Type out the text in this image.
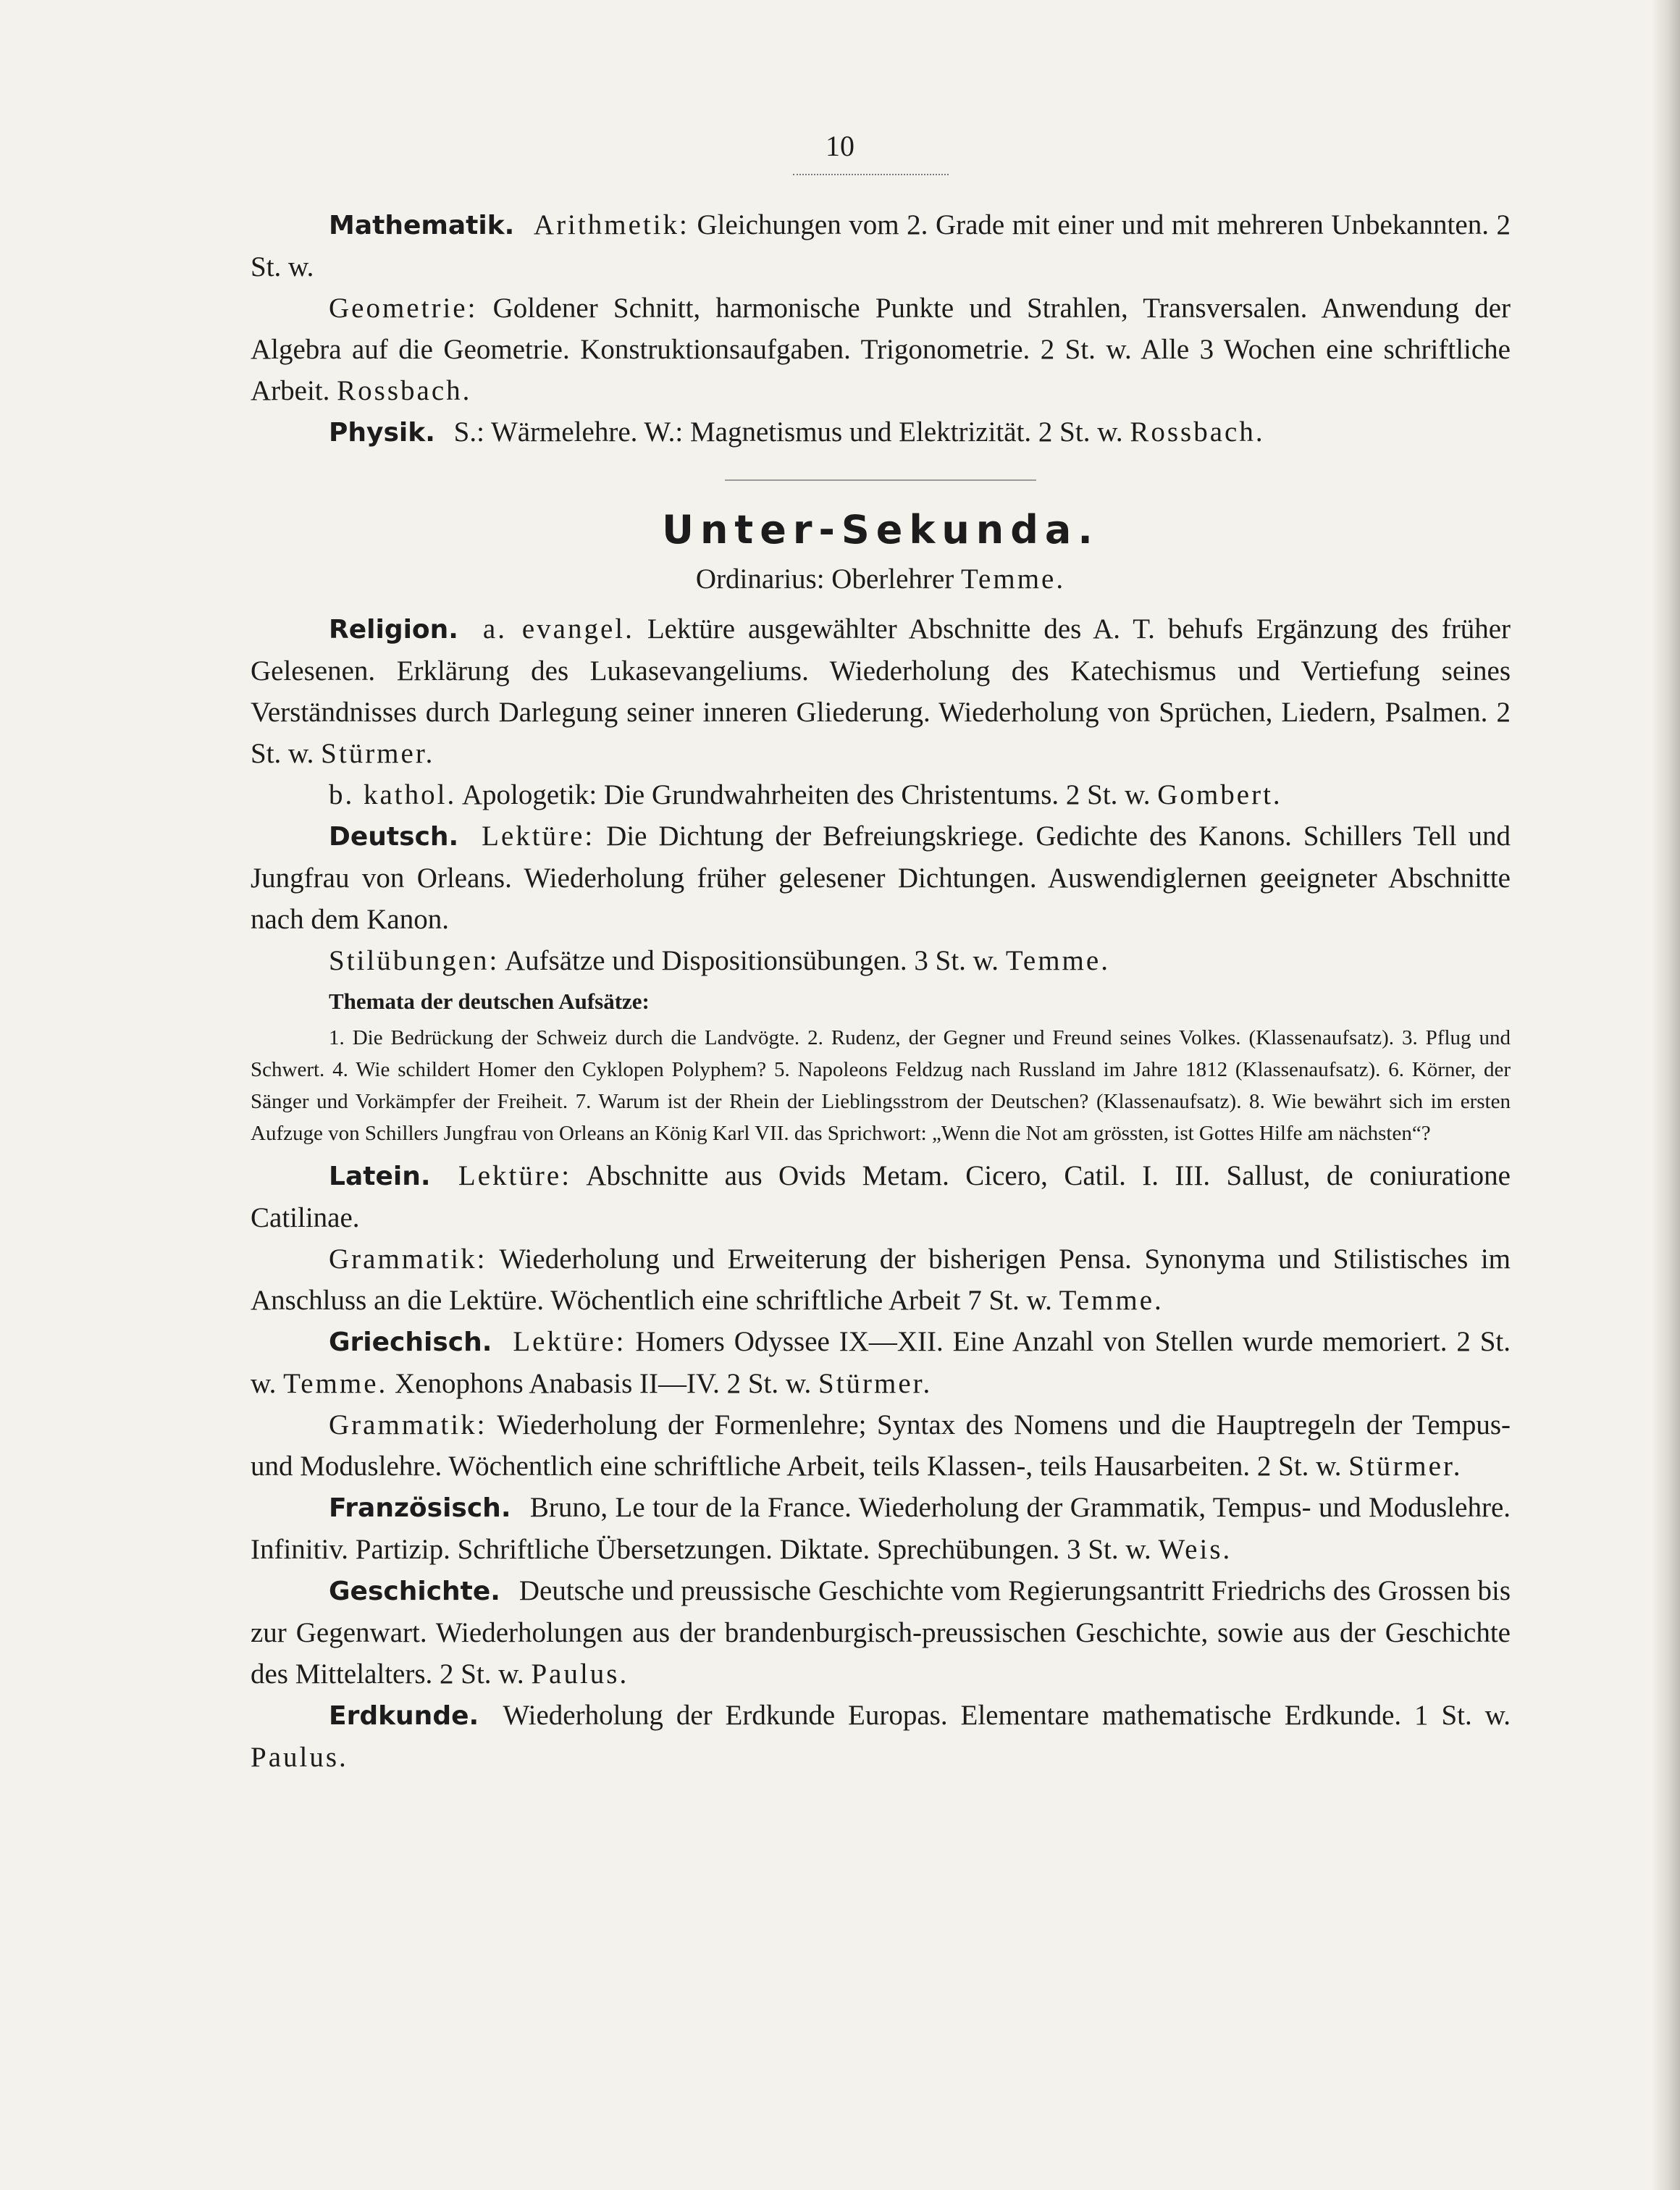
10

Mathematik. Arithmetik: Gleichungen vom 2. Grade mit einer und mit mehreren Unbekannten. 2 St. w.

Geometrie: Goldener Schnitt, harmonische Punkte und Strahlen, Transversalen. Anwendung der Algebra auf die Geometrie. Konstruktionsaufgaben. Trigonometrie. 2 St. w. Alle 3 Wochen eine schriftliche Arbeit. Rossbach.

Physik. S.: Wärmelehre. W.: Magnetismus und Elektrizität. 2 St. w. Rossbach.

Unter-Sekunda.

Ordinarius: Oberlehrer Temme.

Religion. a. evangel. Lektüre ausgewählter Abschnitte des A. T. behufs Ergänzung des früher Gelesenen. Erklärung des Lukasevangeliums. Wiederholung des Katechismus und Vertiefung seines Verständnisses durch Darlegung seiner inneren Gliederung. Wiederholung von Sprüchen, Liedern, Psalmen. 2 St. w. Stürmer.

b. kathol. Apologetik: Die Grundwahrheiten des Christentums. 2 St. w. Gombert.

Deutsch. Lektüre: Die Dichtung der Befreiungskriege. Gedichte des Kanons. Schillers Tell und Jungfrau von Orleans. Wiederholung früher gelesener Dichtungen. Auswendiglernen geeigneter Abschnitte nach dem Kanon.

Stilübungen: Aufsätze und Dispositionsübungen. 3 St. w. Temme.

Themata der deutschen Aufsätze:

1. Die Bedrückung der Schweiz durch die Landvögte. 2. Rudenz, der Gegner und Freund seines Volkes. (Klassenaufsatz). 3. Pflug und Schwert. 4. Wie schildert Homer den Cyklopen Polyphem? 5. Napoleons Feldzug nach Russland im Jahre 1812 (Klassenaufsatz). 6. Körner, der Sänger und Vorkämpfer der Freiheit. 7. Warum ist der Rhein der Lieblingsstrom der Deutschen? (Klassenaufsatz). 8. Wie bewährt sich im ersten Aufzuge von Schillers Jungfrau von Orleans an König Karl VII. das Sprichwort: „Wenn die Not am grössten, ist Gottes Hilfe am nächsten“?

Latein. Lektüre: Abschnitte aus Ovids Metam. Cicero, Catil. I. III. Sallust, de coniuratione Catilinae.

Grammatik: Wiederholung und Erweiterung der bisherigen Pensa. Synonyma und Stilistisches im Anschluss an die Lektüre. Wöchentlich eine schriftliche Arbeit 7 St. w. Temme.

Griechisch. Lektüre: Homers Odyssee IX—XII. Eine Anzahl von Stellen wurde memoriert. 2 St. w. Temme. Xenophons Anabasis II—IV. 2 St. w. Stürmer.

Grammatik: Wiederholung der Formenlehre; Syntax des Nomens und die Hauptregeln der Tempus- und Moduslehre. Wöchentlich eine schriftliche Arbeit, teils Klassen-, teils Hausarbeiten. 2 St. w. Stürmer.

Französisch. Bruno, Le tour de la France. Wiederholung der Grammatik, Tempus- und Moduslehre. Infinitiv. Partizip. Schriftliche Übersetzungen. Diktate. Sprechübungen. 3 St. w. Weis.

Geschichte. Deutsche und preussische Geschichte vom Regierungsantritt Friedrichs des Grossen bis zur Gegenwart. Wiederholungen aus der brandenburgisch-preussischen Geschichte, sowie aus der Geschichte des Mittelalters. 2 St. w. Paulus.

Erdkunde. Wiederholung der Erdkunde Europas. Elementare mathematische Erdkunde. 1 St. w. Paulus.
